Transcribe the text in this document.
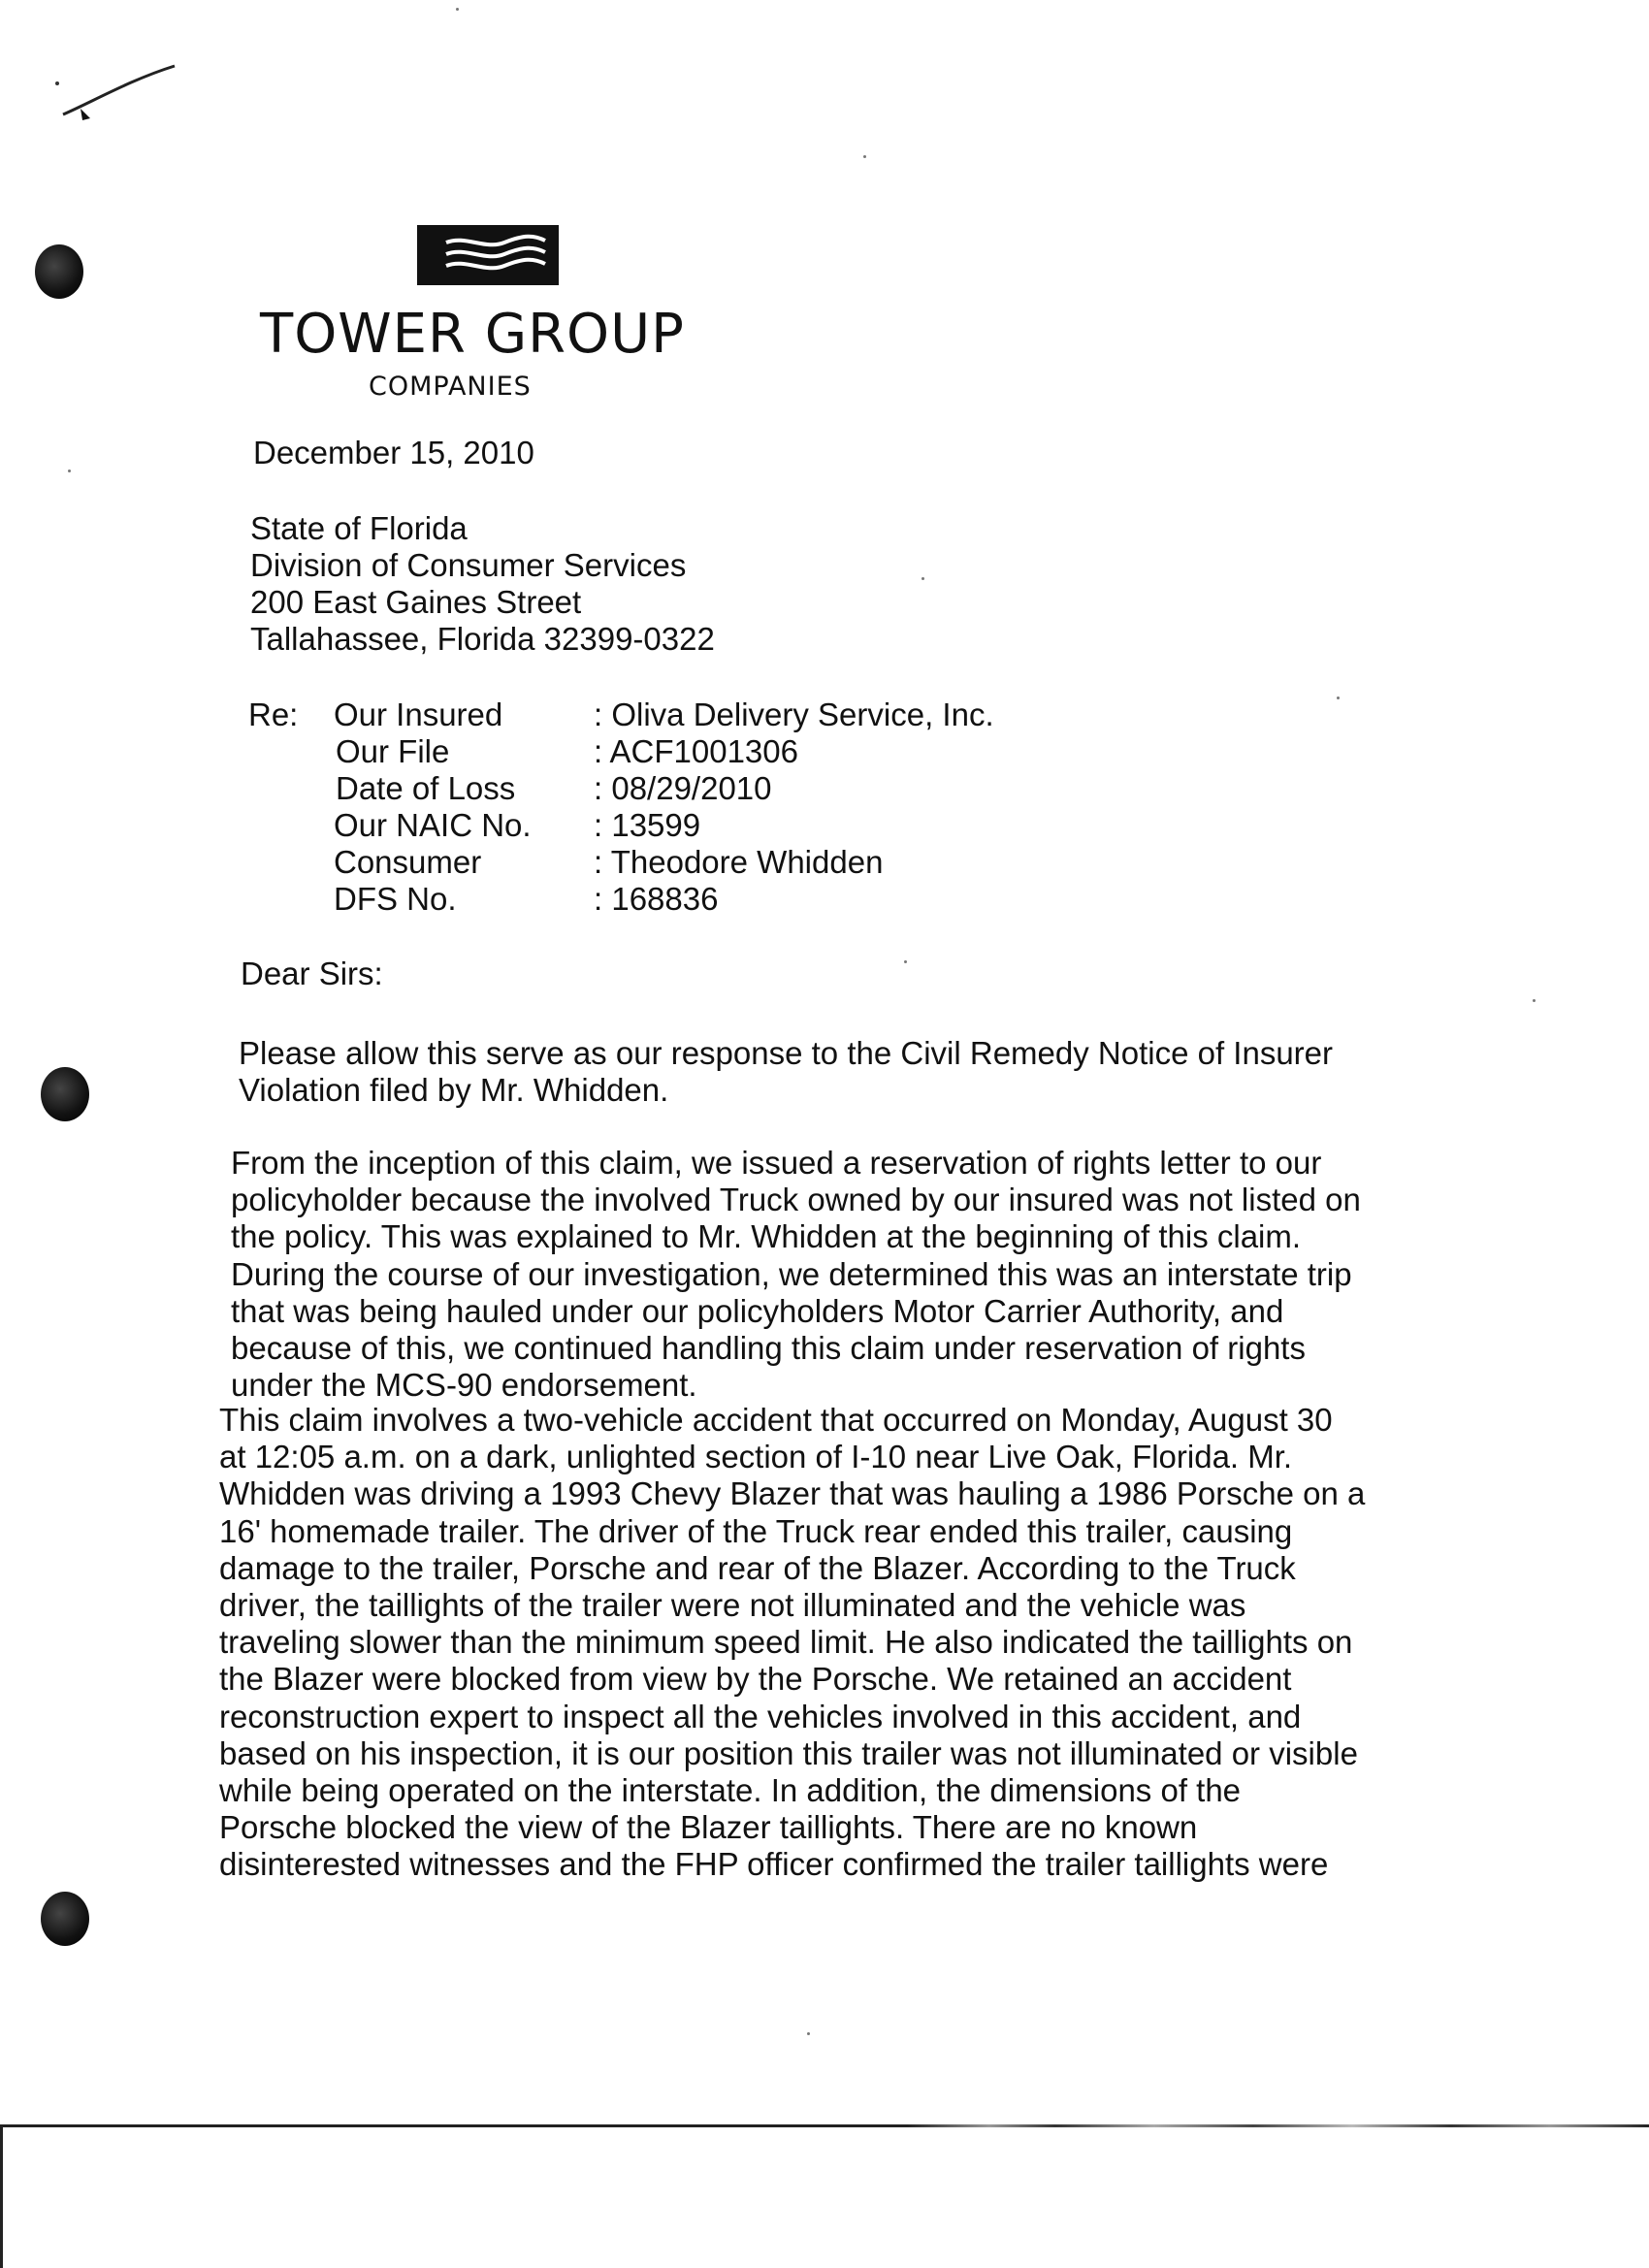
TOWER GROUP
COMPANIES
December 15, 2010
State of Florida
Division of Consumer Services
200 East Gaines Street
Tallahassee, Florida 32399-0322
Re: Our Insured	: Oliva Delivery Service, Inc.
Our File	: ACF1001306
Date of Loss : 08/29/2010
Our NAIC No. : 13599
Consumer	: Theodore Whidden
DFS No.	: 168836
Dear Sirs:
Please allow this serve as our response to the Civil Remedy Notice of Insurer
Violation filed by Mr. Whidden.
From the inception of this claim, we issued a reservation of rights letter to our
policyholder because the involved Truck owned by our insured was not listed on
the policy. This was explained to Mr. Whidden at the beginning of this claim.
During the course of our investigation, we determined this was an interstate trip
that was being hauled under our policyholders Motor Carrier Authority, and
because of this, we continued handling this claim under reservation of rights
under the MCS-90 endorsement.
This claim involves a two-vehicle accident that occurred on Monday, August 30
at 12:05 a.m. on a dark, unlighted section of I-10 near Live Oak, Florida. Mr.
Whidden was driving a 1993 Chevy Blazer that was hauling a 1986 Porsche on a
16' homemade trailer. The driver of the Truck rear ended this trailer, causing
damage to the trailer, Porsche and rear of the Blazer. According to the Truck
driver, the taillights of the trailer were not illuminated and the vehicle was
traveling slower than the minimum speed limit. He also indicated the taillights on
the Blazer were blocked from view by the Porsche. We retained an accident
reconstruction expert to inspect all the vehicles involved in this accident, and
based on his inspection, it is our position this trailer was not illuminated or visible
while being operated on the interstate. In addition, the dimensions of the
Porsche blocked the view of the Blazer taillights. There are no known
disinterested witnesses and the FHP officer confirmed the trailer taillights were
